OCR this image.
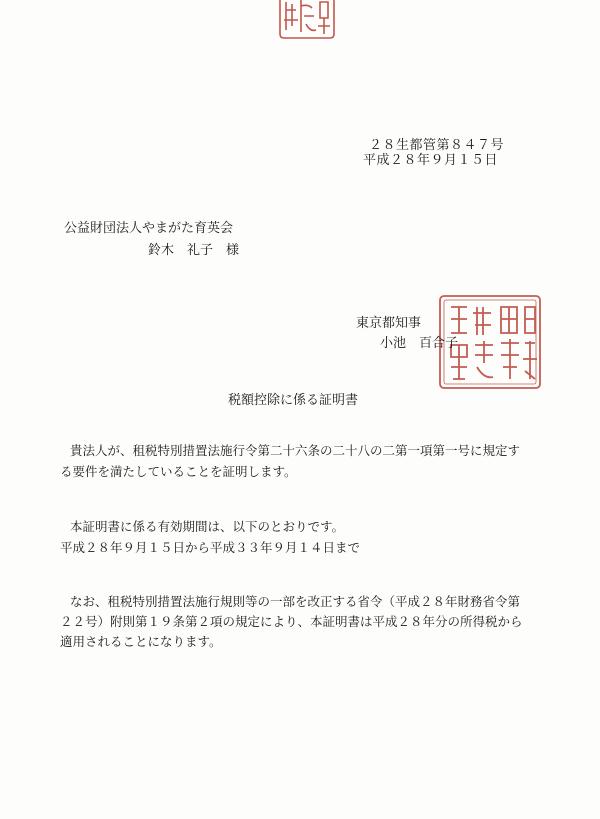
２８生都管第８４７号
平成２８年９月１５日
公益財団法人やまがた育英会
鈴木　礼子　様
東京都知事
小池　百合子
税額控除に係る証明書
貴法人が、租税特別措置法施行令第二十六条の二十八の二第一項第一号に規定す
る要件を満たしていることを証明します。
本証明書に係る有効期間は、以下のとおりです。
平成２８年９月１５日から平成３３年９月１４日まで
なお、租税特別措置法施行規則等の一部を改正する省令（平成２８年財務省令第
２２号）附則第１９条第２項の規定により、本証明書は平成２８年分の所得税から
適用されることになります。
